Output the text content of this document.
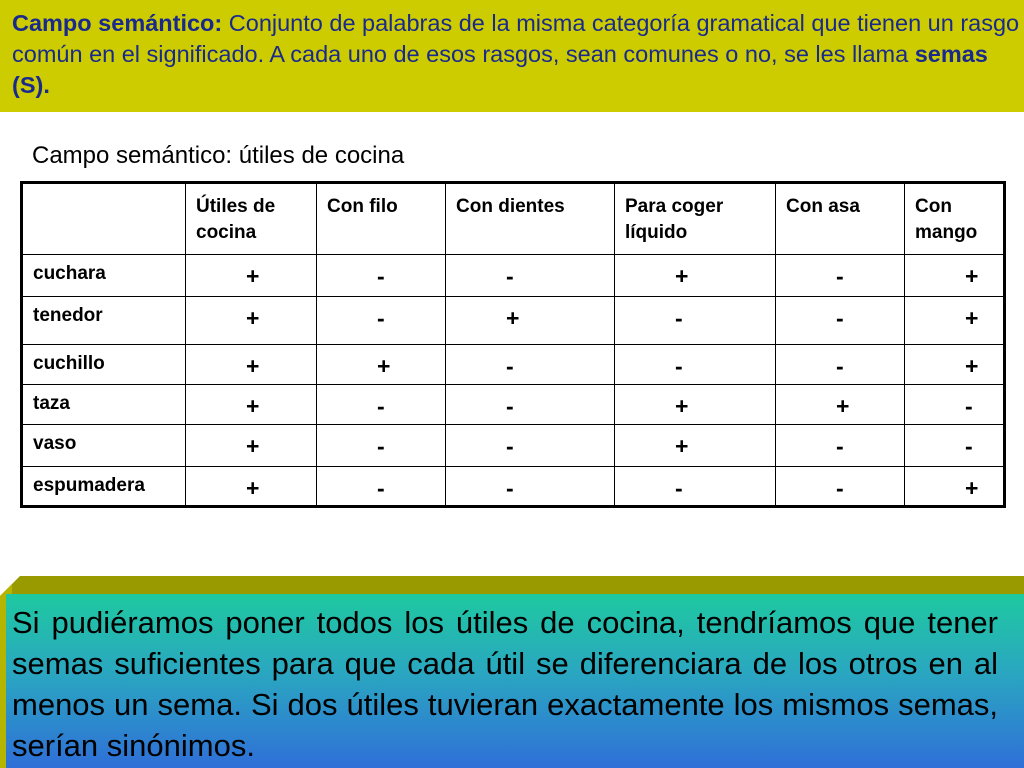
Campo semántico: Conjunto de palabras de la misma categoría gramatical que tienen un rasgo común en el significado. A cada uno de esos rasgos, sean comunes o no, se les llama semas (S).
Campo semántico: útiles de cocina
	Útiles de cocina	Con filo	Con dientes	Para coger líquido	Con asa	Con mango
cuchara	+	-	-	+	-	+
tenedor	+	-	+	-	-	+
cuchillo	+	+	-	-	-	+
taza	+	-	-	+	+	-
vaso	+	-	-	+	-	-
espumadera	+	-	-	-	-	+
Si pudiéramos poner todos los útiles de cocina, tendríamos que tener semas suficientes para que cada útil se diferenciara de los otros en al menos un sema. Si dos útiles tuvieran exactamente los mismos semas, serían sinónimos.
